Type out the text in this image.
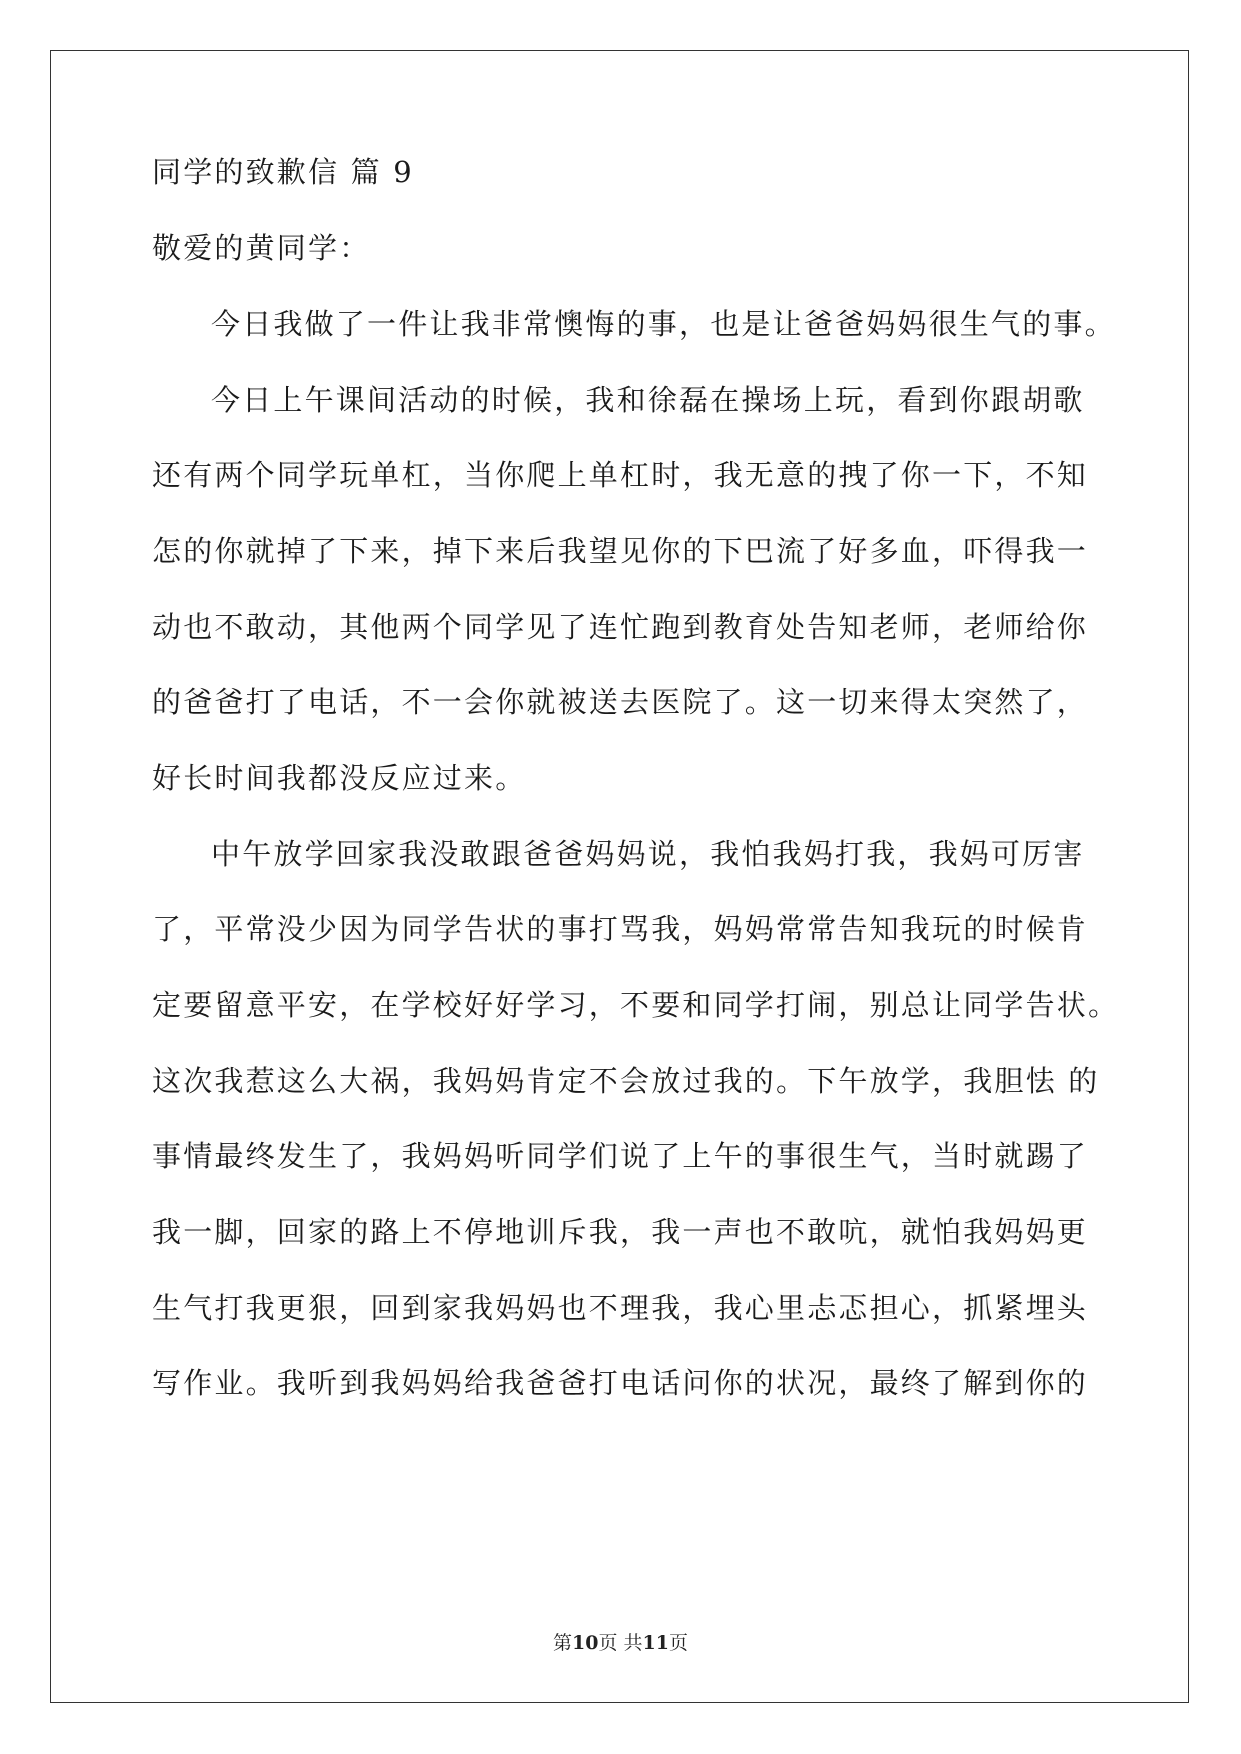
同学的致歉信 篇 9
敬爱的黄同学：
今日我做了一件让我非常懊悔的事，也是让爸爸妈妈很生气的事。
今日上午课间活动的时候，我和徐磊在操场上玩，看到你跟胡歌
还有两个同学玩单杠，当你爬上单杠时，我无意的拽了你一下，不知
怎的你就掉了下来，掉下来后我望见你的下巴流了好多血，吓得我一
动也不敢动，其他两个同学见了连忙跑到教育处告知老师，老师给你
的爸爸打了电话，不一会你就被送去医院了。这一切来得太突然了，
好长时间我都没反应过来。
中午放学回家我没敢跟爸爸妈妈说，我怕我妈打我，我妈可厉害
了，平常没少因为同学告状的事打骂我，妈妈常常告知我玩的时候肯
定要留意平安，在学校好好学习，不要和同学打闹，别总让同学告状。
这次我惹这么大祸，我妈妈肯定不会放过我的。下午放学，我胆怯 的
事情最终发生了，我妈妈听同学们说了上午的事很生气，当时就踢了
我一脚，回家的路上不停地训斥我，我一声也不敢吭，就怕我妈妈更
生气打我更狠，回到家我妈妈也不理我，我心里忐忑担心，抓紧埋头
写作业。我听到我妈妈给我爸爸打电话问你的状况，最终了解到你的
第10页 共11页
